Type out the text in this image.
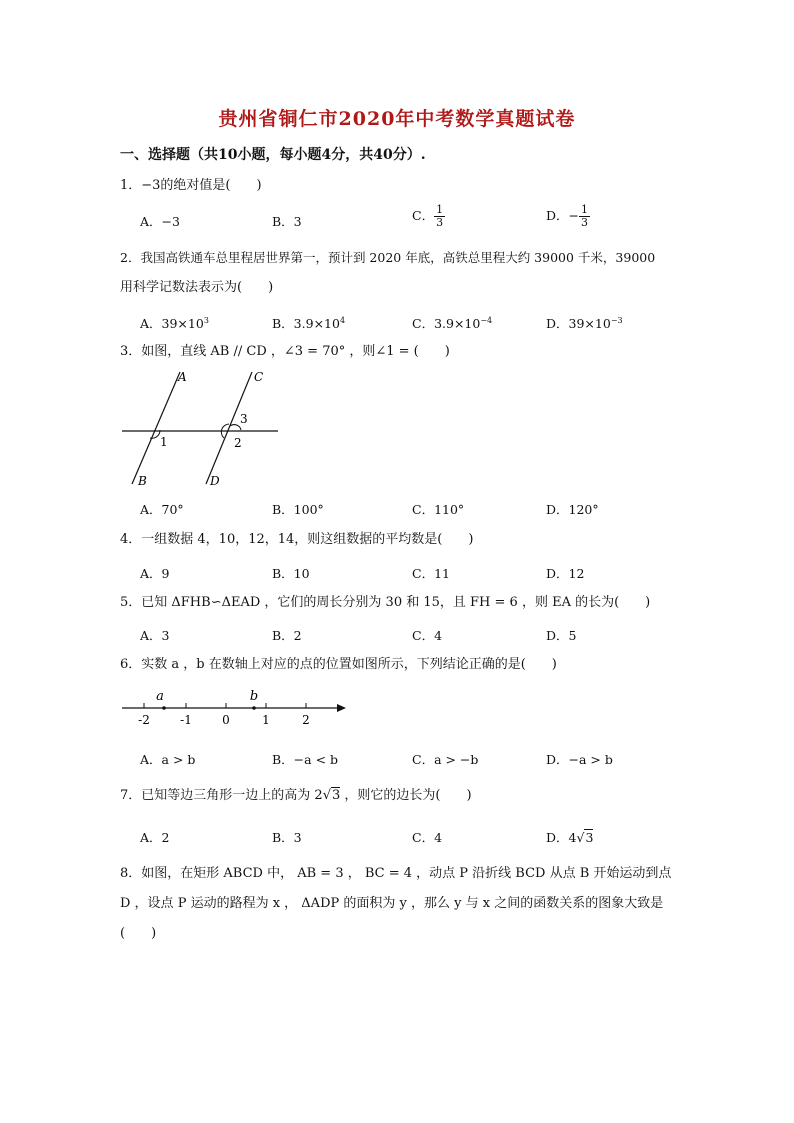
贵州省铜仁市2020年中考数学真题试卷
一、选择题（共10小题，每小题4分，共40分）.
1．−3的绝对值是(　　)
A．−3	B．3	C． $\frac{1}{3}$	D．− $\frac{1}{3}$
2．我国高铁通车总里程居世界第一，预计到 2020 年底，高铁总里程大约 39000 千米，39000
用科学记数法表示为(　　)
A．$39\times 10^3$	B．$3.9\times 10^4$	C．$3.9\times 10^{-4}$	D．$39\times 10^{-3}$
3．如图，直线 AB // CD ，∠3 = 70° ，则∠1 = (　　)
A
B
C
D
1	2
3
A．70°	B．100°	C．110°	D．120°
4．一组数据 4，10，12，14，则这组数据的平均数是(　　)
A．9	B．10	C．11	D．12
5．已知 ΔFHB∽ΔEAD ，它们的周长分别为 30 和 15，且 FH = 6 ，则 EA 的长为(　　)
A．3	B．2	C．4	D．5
6．实数 a ，b 在数轴上对应的点的位置如图所示，下列结论正确的是(　　)
-2	-1	0	1	2
a	b
A．a > b	B．−a < b	C．a > −b	D．−a > b
7．已知等边三角形一边上的高为 2√3 ，则它的边长为(　　)
A．2	B．3	C．4	D．4√3
8．如图，在矩形 ABCD 中， AB = 3 ， BC = 4 ，动点 P 沿折线 BCD 从点 B 开始运动到点
D ，设点 P 运动的路程为 x ， ΔADP 的面积为 y ，那么 y 与 x 之间的函数关系的图象大致是
(　　)
